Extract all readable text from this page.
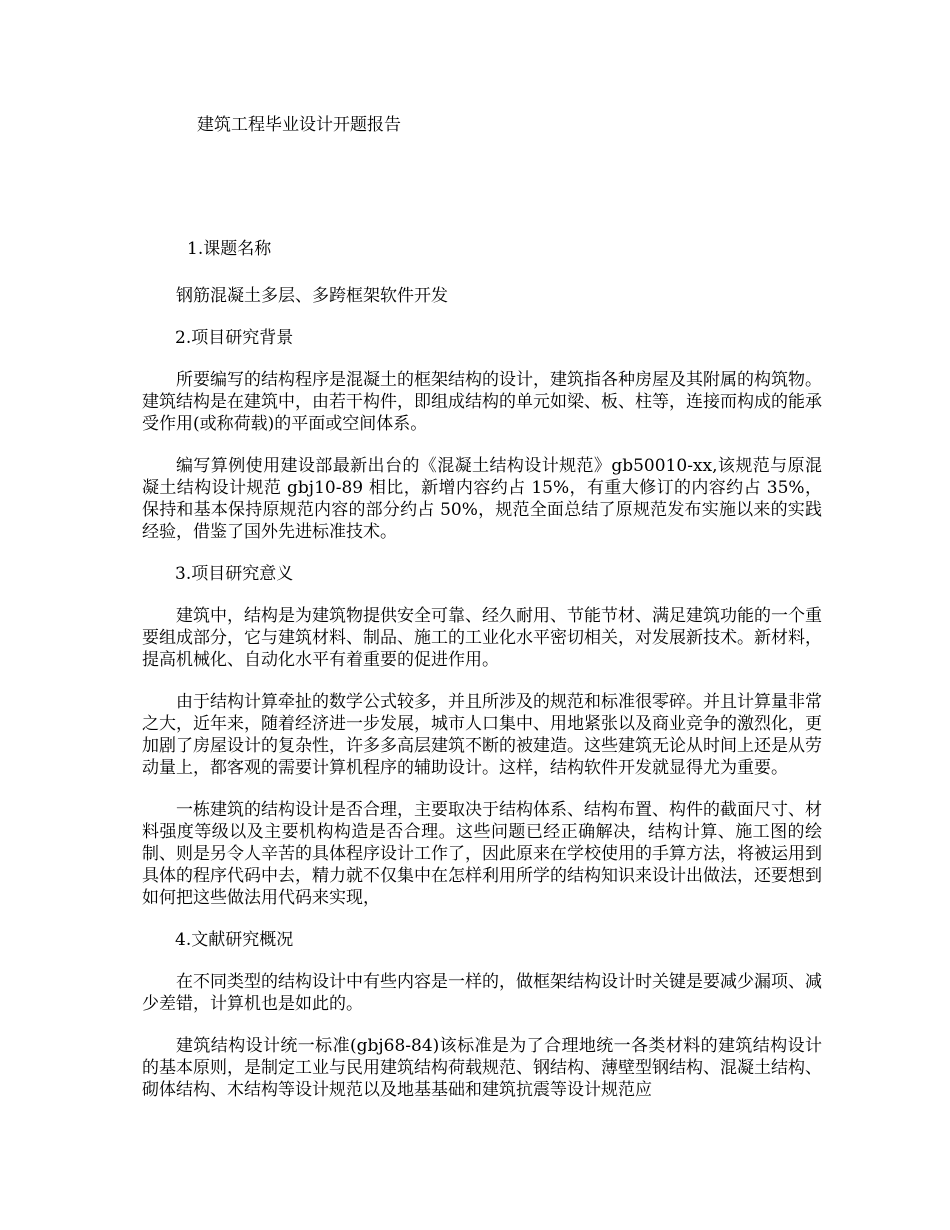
建筑工程毕业设计开题报告
1.课题名称

钢筋混凝土多层、多跨框架软件开发

2.项目研究背景

所要编写的结构程序是混凝土的框架结构的设计，建筑指各种房屋及其附属的构筑物。建筑结构是在建筑中，由若干构件，即组成结构的单元如梁、板、柱等，连接而构成的能承受作用(或称荷载)的平面或空间体系。

编写算例使用建设部最新出台的《混凝土结构设计规范》gb50010-xx,该规范与原混凝土结构设计规范 gbj10-89 相比，新增内容约占 15%，有重大修订的内容约占 35%，保持和基本保持原规范内容的部分约占 50%，规范全面总结了原规范发布实施以来的实践经验，借鉴了国外先进标准技术。

3.项目研究意义

建筑中，结构是为建筑物提供安全可靠、经久耐用、节能节材、满足建筑功能的一个重要组成部分，它与建筑材料、制品、施工的工业化水平密切相关，对发展新技术。新材料，提高机械化、自动化水平有着重要的促进作用。

由于结构计算牵扯的数学公式较多，并且所涉及的规范和标准很零碎。并且计算量非常之大，近年来，随着经济进一步发展，城市人口集中、用地紧张以及商业竞争的激烈化，更加剧了房屋设计的复杂性，许多多高层建筑不断的被建造。这些建筑无论从时间上还是从劳动量上，都客观的需要计算机程序的辅助设计。这样，结构软件开发就显得尤为重要。

一栋建筑的结构设计是否合理，主要取决于结构体系、结构布置、构件的截面尺寸、材料强度等级以及主要机构构造是否合理。这些问题已经正确解决，结构计算、施工图的绘制、则是另令人辛苦的具体程序设计工作了，因此原来在学校使用的手算方法，将被运用到具体的程序代码中去，精力就不仅集中在怎样利用所学的结构知识来设计出做法，还要想到如何把这些做法用代码来实现，

4.文献研究概况

在不同类型的结构设计中有些内容是一样的，做框架结构设计时关键是要减少漏项、减少差错，计算机也是如此的。

建筑结构设计统一标准(gbj68-84)该标准是为了合理地统一各类材料的建筑结构设计的基本原则，是制定工业与民用建筑结构荷载规范、钢结构、薄壁型钢结构、混凝土结构、砌体结构、木结构等设计规范以及地基基础和建筑抗震等设计规范应
